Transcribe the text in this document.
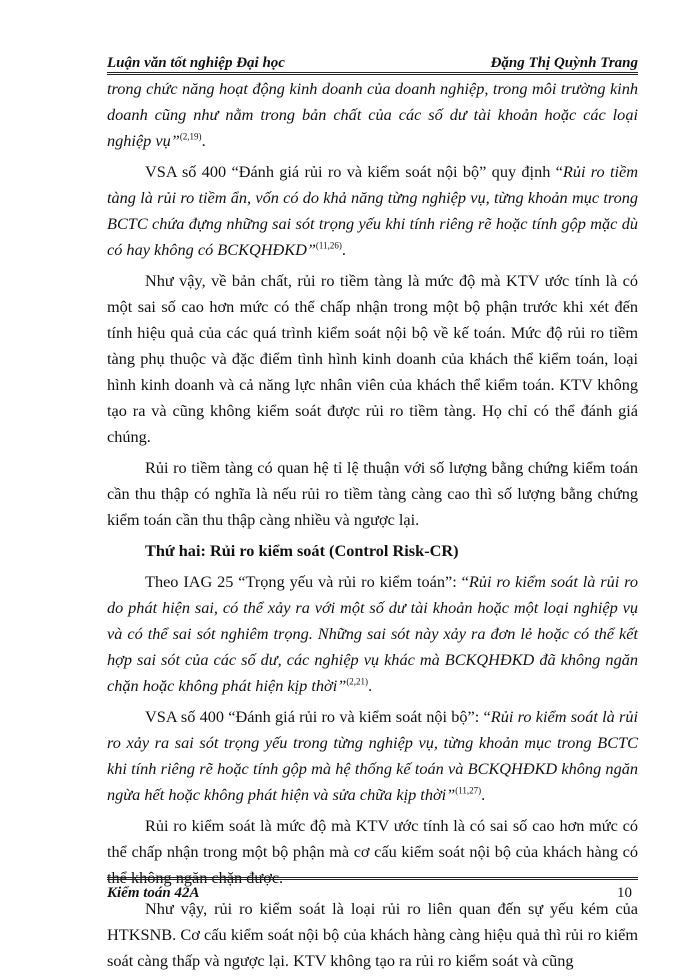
Luận văn tốt nghiệp Đại học	Đặng Thị Quỳnh Trang

trong chức năng hoạt động kinh doanh của doanh nghiệp, trong môi trường kinh doanh cũng như nằm trong bản chất của các số dư tài khoản hoặc các loại nghiệp vụ”$^{(2,19)}$.

VSA số 400 “Đánh giá rủi ro và kiểm soát nội bộ” quy định “Rủi ro tiềm tàng là rủi ro tiềm ẩn, vốn có do khả năng từng nghiệp vụ, từng khoản mục trong BCTC chứa đựng những sai sót trọng yếu khi tính riêng rẽ hoặc tính gộp mặc dù có hay không có BCKQHĐKD”$^{(11,26)}$.

Như vậy, về bản chất, rủi ro tiềm tàng là mức độ mà KTV ước tính là có một sai số cao hơn mức có thể chấp nhận trong một bộ phận trước khi xét đến tính hiệu quả của các quá trình kiểm soát nội bộ về kế toán. Mức độ rủi ro tiềm tàng phụ thuộc và đặc điểm tình hình kinh doanh của khách thể kiểm toán, loại hình kinh doanh và cả năng lực nhân viên của khách thể kiểm toán. KTV không tạo ra và cũng không kiểm soát được rủi ro tiềm tàng. Họ chỉ có thể đánh giá chúng.

Rủi ro tiềm tàng có quan hệ tỉ lệ thuận với số lượng bằng chứng kiểm toán cần thu thập có nghĩa là nếu rủi ro tiềm tàng càng cao thì số lượng bằng chứng kiểm toán cần thu thập càng nhiều và ngược lại.

Thứ hai: Rủi ro kiểm soát (Control Risk-CR)

Theo IAG 25 “Trọng yếu và rủi ro kiểm toán”: “Rủi ro kiểm soát là rủi ro do phát hiện sai, có thể xảy ra với một số dư tài khoản hoặc một loại nghiệp vụ và có thể sai sót nghiêm trọng. Những sai sót này xảy ra đơn lẻ hoặc có thể kết hợp sai sót của các số dư, các nghiệp vụ khác mà BCKQHĐKD đã không ngăn chặn hoặc không phát hiện kịp thời”$^{(2,21)}$.

VSA số 400 “Đánh giá rủi ro và kiểm soát nội bộ”: “Rủi ro kiểm soát là rủi ro xảy ra sai sót trọng yếu trong từng nghiệp vụ, từng khoản mục trong BCTC khi tính riêng rẽ hoặc tính gộp mà hệ thống kế toán và BCKQHĐKD không ngăn ngừa hết hoặc không phát hiện và sửa chữa kịp thời”$^{(11,27)}$.

Rủi ro kiểm soát là mức độ mà KTV ước tính là có sai số cao hơn mức có thể chấp nhận trong một bộ phận mà cơ cấu kiểm soát nội bộ của khách hàng có thể không ngăn chặn được.

Như vậy, rủi ro kiểm soát là loại rủi ro liên quan đến sự yếu kém của HTKSNB. Cơ cấu kiểm soát nội bộ của khách hàng càng hiệu quả thì rủi ro kiểm soát càng thấp và ngược lại. KTV không tạo ra rủi ro kiểm soát và cũng

Kiểm toán 42A	10
